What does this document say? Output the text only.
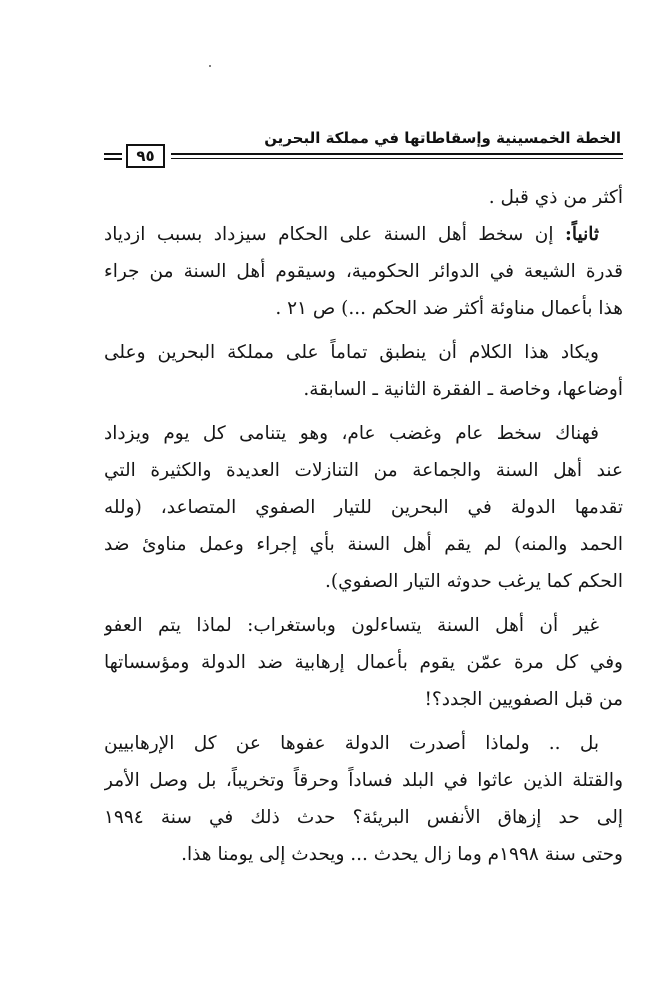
الخطة الخمسينية وإسقاطاتها في مملكة البحرين
٩٥
أكثر من ذي قبل .
ثانياً: إن سخط أهل السنة على الحكام سيزداد بسبب ازدياد
قدرة الشيعة في الدوائر الحكومية، وسيقوم أهل السنة من جراء
هذا بأعمال مناوئة أكثر ضد الحكم ...) ص ٢١ .
ويكاد هذا الكلام أن ينطبق تماماً على مملكة البحرين وعلى
أوضاعها، وخاصة ـ الفقرة الثانية ـ السابقة.
فهناك سخط عام وغضب عام، وهو يتنامى كل يوم ويزداد
عند أهل السنة والجماعة من التنازلات العديدة والكثيرة التي
تقدمها الدولة في البحرين للتيار الصفوي المتصاعد، (ولله
الحمد والمنه) لم يقم أهل السنة بأي إجراء وعمل مناوئ ضد
الحكم كما يرغب حدوثه التيار الصفوي).
غير أن أهل السنة يتساءلون وباستغراب: لماذا يتم العفو
وفي كل مرة عمّن يقوم بأعمال إرهابية ضد الدولة ومؤسساتها
من قبل الصفويين الجدد؟!
بل .. ولماذا أصدرت الدولة عفوها عن كل الإرهابيين
والقتلة الذين عاثوا في البلد فساداً وحرقاً وتخريباً، بل وصل الأمر
إلى حد إزهاق الأنفس البريئة؟ حدث ذلك في سنة ١٩٩٤
وحتى سنة ١٩٩٨م وما زال يحدث ... ويحدث إلى يومنا هذا.
